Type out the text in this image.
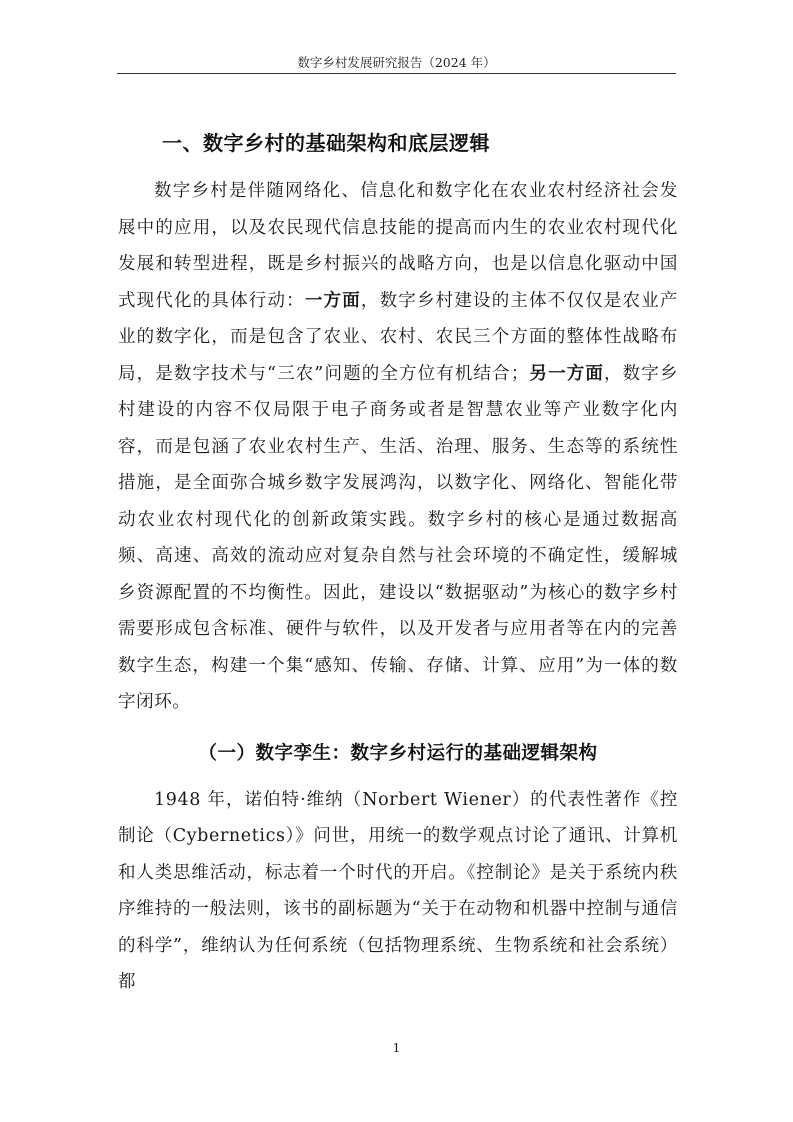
数字乡村发展研究报告（2024 年）
一、数字乡村的基础架构和底层逻辑

数字乡村是伴随网络化、信息化和数字化在农业农村经济社会发展中的应用，以及农民现代信息技能的提高而内生的农业农村现代化发展和转型进程，既是乡村振兴的战略方向，也是以信息化驱动中国式现代化的具体行动：一方面，数字乡村建设的主体不仅仅是农业产业的数字化，而是包含了农业、农村、农民三个方面的整体性战略布局，是数字技术与“三农”问题的全方位有机结合；另一方面，数字乡村建设的内容不仅局限于电子商务或者是智慧农业等产业数字化内容，而是包涵了农业农村生产、生活、治理、服务、生态等的系统性措施，是全面弥合城乡数字发展鸿沟，以数字化、网络化、智能化带动农业农村现代化的创新政策实践。数字乡村的核心是通过数据高频、高速、高效的流动应对复杂自然与社会环境的不确定性，缓解城乡资源配置的不均衡性。因此，建设以“数据驱动”为核心的数字乡村需要形成包含标准、硬件与软件，以及开发者与应用者等在内的完善数字生态，构建一个集“感知、传输、存储、计算、应用”为一体的数字闭环。

（一）数字孪生：数字乡村运行的基础逻辑架构

1948 年，诺伯特·维纳（Norbert Wiener）的代表性著作《控制论（Cybernetics）》问世，用统一的数学观点讨论了通讯、计算机和人类思维活动，标志着一个时代的开启。《控制论》是关于系统内秩序维持的一般法则，该书的副标题为“关于在动物和机器中控制与通信的科学”，维纳认为任何系统（包括物理系统、生物系统和社会系统）都

1
